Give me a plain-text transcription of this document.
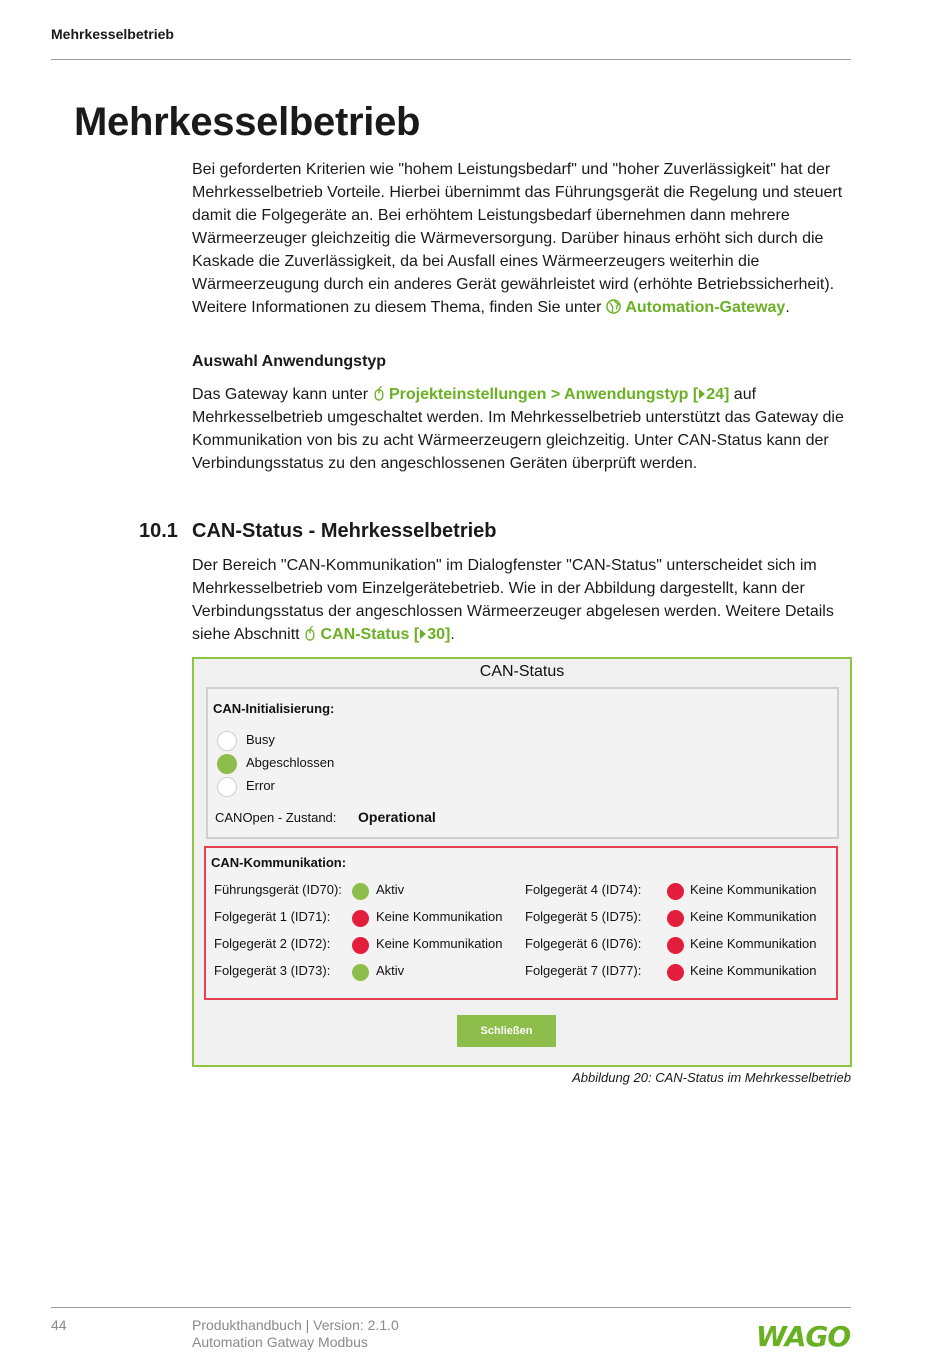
Mehrkesselbetrieb
Mehrkesselbetrieb
Bei geforderten Kriterien wie "hohem Leistungsbedarf" und "hoher Zuverlässigkeit" hat der Mehrkesselbetrieb Vorteile. Hierbei übernimmt das Führungsgerät die Regelung und steuert damit die Folgegeräte an. Bei erhöhtem Leistungsbedarf übernehmen dann mehrere Wärmeerzeuger gleichzeitig die Wärmeversorgung. Darüber hinaus erhöht sich durch die Kaskade die Zuverlässigkeit, da bei Ausfall eines Wärmeerzeugers weiterhin die Wärmeerzeugung durch ein anderes Gerät gewährleistet wird (erhöhte Betriebssicherheit). Weitere Informationen zu diesem Thema, finden Sie unter Automation-Gateway.
Auswahl Anwendungstyp
Das Gateway kann unter Projekteinstellungen > Anwendungstyp [ 24] auf Mehrkesselbetrieb umgeschaltet werden. Im Mehrkesselbetrieb unterstützt das Gateway die Kommunikation von bis zu acht Wärmeerzeugern gleichzeitig. Unter CAN-Status kann der Verbindungsstatus zu den angeschlossenen Geräten überprüft werden.
10.1 CAN-Status - Mehrkesselbetrieb
Der Bereich "CAN-Kommunikation" im Dialogfenster "CAN-Status" unterscheidet sich im Mehrkesselbetrieb vom Einzelgerätebetrieb. Wie in der Abbildung dargestellt, kann der Verbindungsstatus der angeschlossen Wärmeerzeuger abgelesen werden. Weitere Details siehe Abschnitt CAN-Status [ 30].
CAN-Status
CAN-Initialisierung:
Busy
Abgeschlossen
Error
CANOpen - Zustand: Operational
CAN-Kommunikation:
Führungsgerät (ID70):	Aktiv
Folgegerät 1 (ID71):	Keine Kommunikation
Folgegerät 2 (ID72):	Keine Kommunikation
Folgegerät 3 (ID73):	Aktiv
Folgegerät 4 (ID74):	Keine Kommunikation
Folgegerät 5 (ID75):	Keine Kommunikation
Folgegerät 6 (ID76):	Keine Kommunikation
Folgegerät 7 (ID77):	Keine Kommunikation
Schließen
Abbildung 20: CAN-Status im Mehrkesselbetrieb
44	Produkthandbuch | Version: 2.1.0
Automation Gatway Modbus	WAGO
